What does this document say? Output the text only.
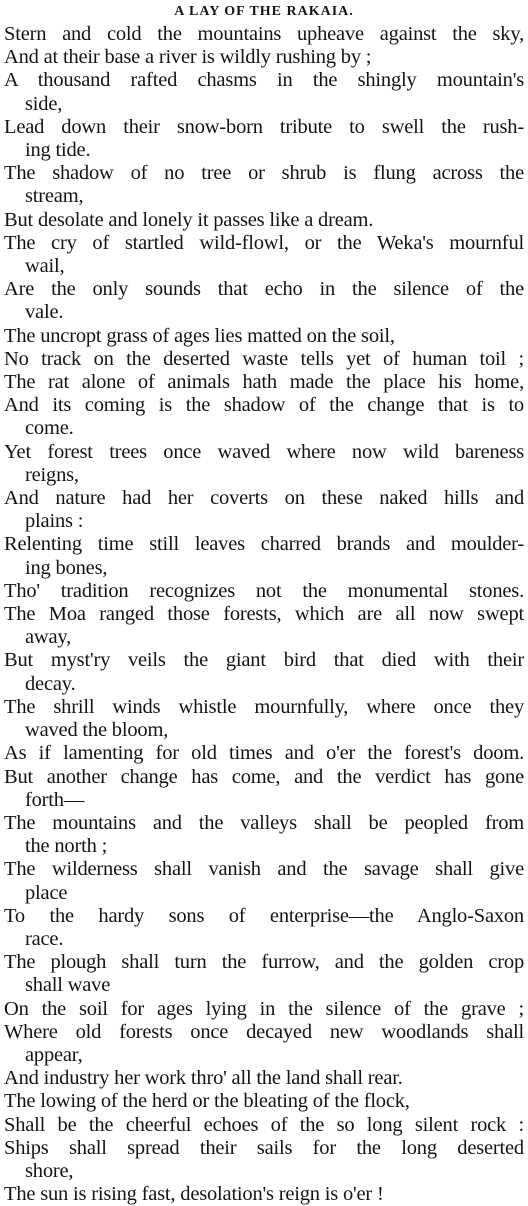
A LAY OF THE RAKAIA.
Stern and cold the mountains upheave against the sky,
And at their base a river is wildly rushing by ;
A thousand rafted chasms in the shingly mountain's
side,
Lead down their snow-born tribute to swell the rush-
ing tide.
The shadow of no tree or shrub is flung across the
stream,
But desolate and lonely it passes like a dream.
The cry of startled wild-flowl, or the Weka's mournful
wail,
Are the only sounds that echo in the silence of the
vale.
The uncropt grass of ages lies matted on the soil,
No track on the deserted waste tells yet of human toil ;
The rat alone of animals hath made the place his home,
And its coming is the shadow of the change that is to
come.
Yet forest trees once waved where now wild bareness
reigns,
And nature had her coverts on these naked hills and
plains :
Relenting time still leaves charred brands and moulder-
ing bones,
Tho' tradition recognizes not the monumental stones.
The Moa ranged those forests, which are all now swept
away,
But myst'ry veils the giant bird that died with their
decay.
The shrill winds whistle mournfully, where once they
waved the bloom,
As if lamenting for old times and o'er the forest's doom.
But another change has come, and the verdict has gone
forth—
The mountains and the valleys shall be peopled from
the north ;
The wilderness shall vanish and the savage shall give
place
To the hardy sons of enterprise—the Anglo-Saxon
race.
The plough shall turn the furrow, and the golden crop
shall wave
On the soil for ages lying in the silence of the grave ;
Where old forests once decayed new woodlands shall
appear,
And industry her work thro' all the land shall rear.
The lowing of the herd or the bleating of the flock,
Shall be the cheerful echoes of the so long silent rock :
Ships shall spread their sails for the long deserted
shore,
The sun is rising fast, desolation's reign is o'er !
